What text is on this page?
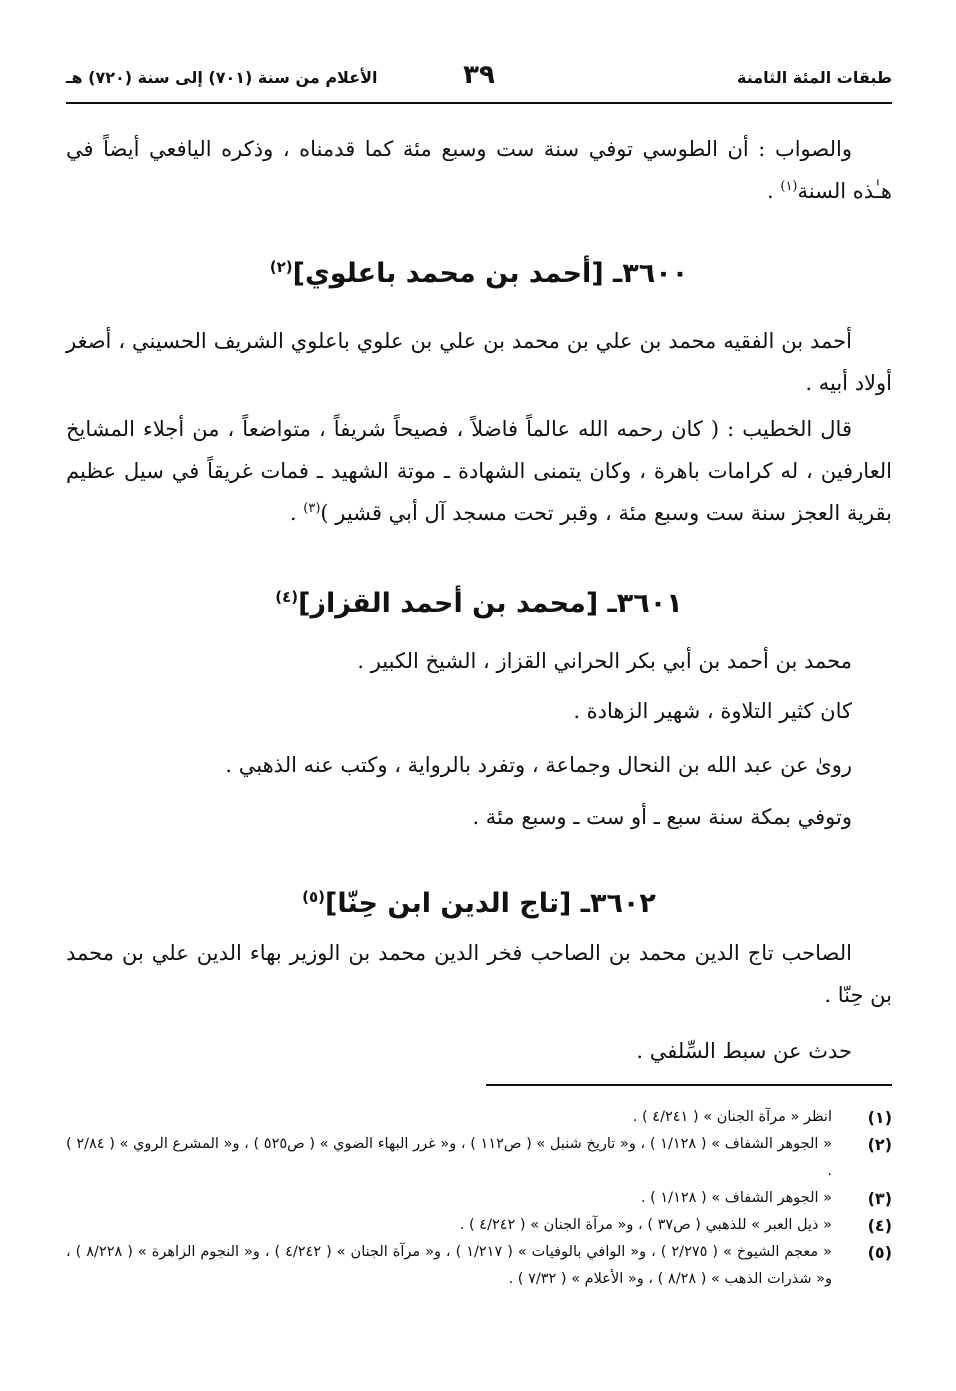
طبقات المئة الثامنة
٣٩
الأعلام من سنة (٧٠١) إلى سنة (٧٢٠) هـ
والصواب : أن الطوسي توفي سنة ست وسبع مئة كما قدمناه ، وذكره اليافعي أيضاً في هـٰذه السنة$^{(١)}$ .
٣٦٠٠ـ [أحمد بن محمد باعلوي]$^{(٢)}$
أحمد بن الفقيه محمد بن علي بن محمد بن علي بن علوي باعلوي الشريف الحسيني ، أصغر أولاد أبيه .
قال الخطيب : ( كان رحمه الله عالماً فاضلاً ، فصيحاً شريفاً ، متواضعاً ، من أجلاء المشايخ العارفين ، له كرامات باهرة ، وكان يتمنى الشهادة ـ موتة الشهيد ـ فمات غريقاً في سيل عظيم بقرية العجز سنة ست وسبع مئة ، وقبر تحت مسجد آل أبي قشير )$^{(٣)}$ .
٣٦٠١ـ [محمد بن أحمد القزاز]$^{(٤)}$
محمد بن أحمد بن أبي بكر الحراني القزاز ، الشيخ الكبير .
كان كثير التلاوة ، شهير الزهادة .
روىٰ عن عبد الله بن النحال وجماعة ، وتفرد بالرواية ، وكتب عنه الذهبي .
وتوفي بمكة سنة سبع ـ أو ست ـ وسبع مئة .
٣٦٠٢ـ [تاج الدين ابن حِنّا]$^{(٥)}$
الصاحب تاج الدين محمد بن الصاحب فخر الدين محمد بن الوزير بهاء الدين علي بن محمد بن حِنّا .
حدث عن سبط السِّلفي .
(١)
انظر « مرآة الجنان » ( ٤/٢٤١ ) .
(٢)
« الجوهر الشفاف » ( ١/١٢٨ ) ، و« تاريخ شنبل » ( ص١١٢ ) ، و« غرر البهاء الضوي » ( ص٥٢٥ ) ، و« المشرع الروي » ( ٢/٨٤ ) .
(٣)
« الجوهر الشفاف » ( ١/١٢٨ ) .
(٤)
« ذيل العبر » للذهبي ( ص٣٧ ) ، و« مرآة الجنان » ( ٤/٢٤٢ ) .
(٥)
« معجم الشيوخ » ( ٢/٢٧٥ ) ، و« الوافي بالوفيات » ( ١/٢١٧ ) ، و« مرآة الجنان » ( ٤/٢٤٢ ) ، و« النجوم الزاهرة » ( ٨/٢٢٨ ) ، و« شذرات الذهب » ( ٨/٢٨ ) ، و« الأعلام » ( ٧/٣٢ ) .
